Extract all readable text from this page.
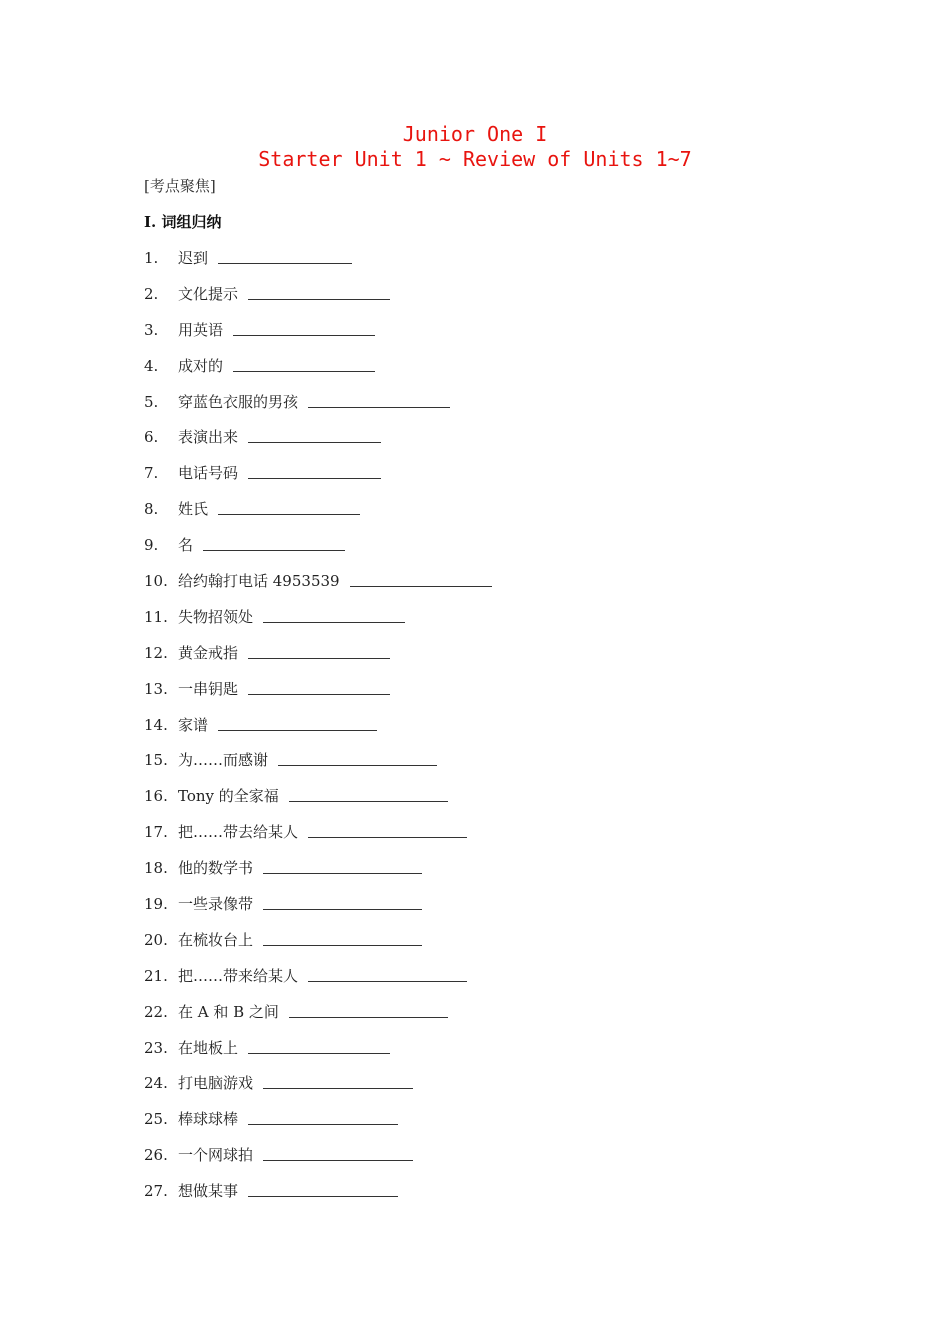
Junior One I
Starter Unit 1 ~ Review of Units 1~7
[考点聚焦]
I. 词组归纳
1.	迟到
2.	文化提示
3.	用英语
4.	成对的
5.	穿蓝色衣服的男孩
6.	表演出来
7.	电话号码
8.	姓氏
9.	名
10. 给约翰打电话 4953539
11. 失物招领处
12. 黄金戒指
13. 一串钥匙
14. 家谱
15. 为……而感谢
16. Tony 的全家福
17. 把……带去给某人
18. 他的数学书
19. 一些录像带
20. 在梳妆台上
21. 把……带来给某人
22. 在 A 和 B 之间
23. 在地板上
24. 打电脑游戏
25. 棒球球棒
26. 一个网球拍
27. 想做某事
